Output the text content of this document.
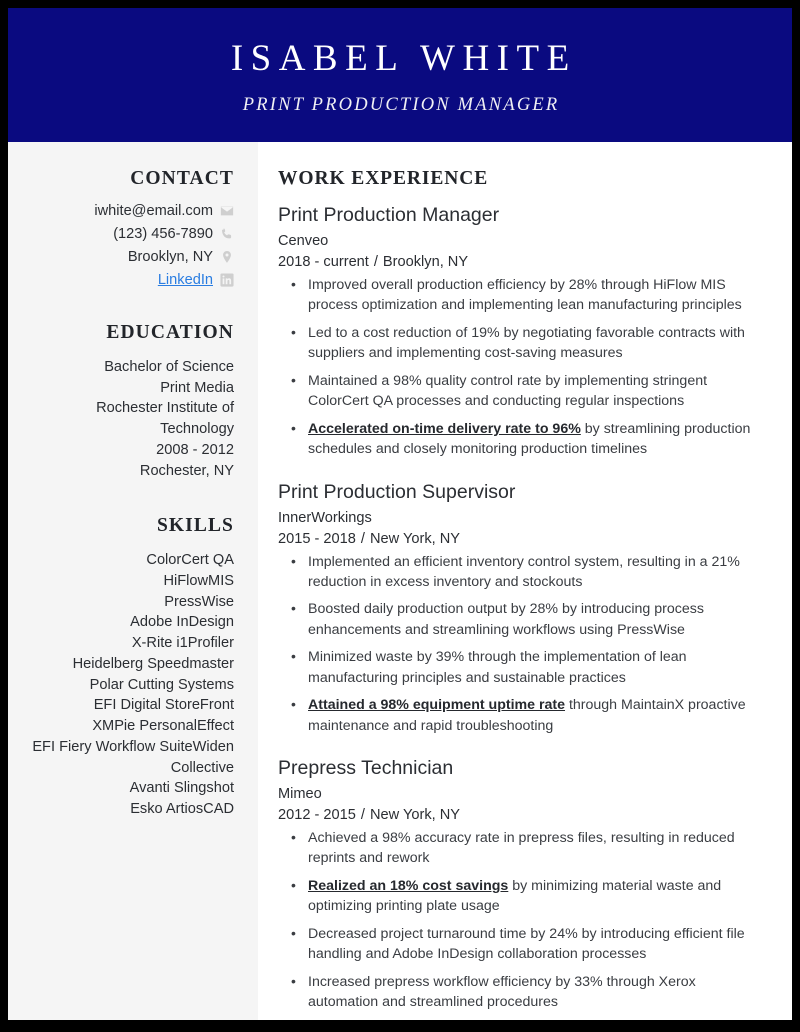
ISABEL WHITE
PRINT PRODUCTION MANAGER
CONTACT
iwhite@email.com
(123) 456-7890
Brooklyn, NY
LinkedIn
EDUCATION
Bachelor of Science
Print Media
Rochester Institute of Technology
2008 - 2012
Rochester, NY
SKILLS
ColorCert QA
HiFlowMIS
PressWise
Adobe InDesign
X-Rite i1Profiler
Heidelberg Speedmaster
Polar Cutting Systems
EFI Digital StoreFront
XMPie PersonalEffect
EFI Fiery Workflow SuiteWiden Collective
Avanti Slingshot
Esko ArtiosCAD
WORK EXPERIENCE
Print Production Manager
Cenveo
2018 - current / Brooklyn, NY
• Improved overall production efficiency by 28% through HiFlow MIS process optimization and implementing lean manufacturing principles
• Led to a cost reduction of 19% by negotiating favorable contracts with suppliers and implementing cost-saving measures
• Maintained a 98% quality control rate by implementing stringent ColorCert QA processes and conducting regular inspections
• Accelerated on-time delivery rate to 96% by streamlining production schedules and closely monitoring production timelines
Print Production Supervisor
InnerWorkings
2015 - 2018 / New York, NY
• Implemented an efficient inventory control system, resulting in a 21% reduction in excess inventory and stockouts
• Boosted daily production output by 28% by introducing process enhancements and streamlining workflows using PressWise
• Minimized waste by 39% through the implementation of lean manufacturing principles and sustainable practices
• Attained a 98% equipment uptime rate through MaintainX proactive maintenance and rapid troubleshooting
Prepress Technician
Mimeo
2012 - 2015 / New York, NY
• Achieved a 98% accuracy rate in prepress files, resulting in reduced reprints and rework
• Realized an 18% cost savings by minimizing material waste and optimizing printing plate usage
• Decreased project turnaround time by 24% by introducing efficient file handling and Adobe InDesign collaboration processes
• Increased prepress workflow efficiency by 33% through Xerox automation and streamlined procedures
